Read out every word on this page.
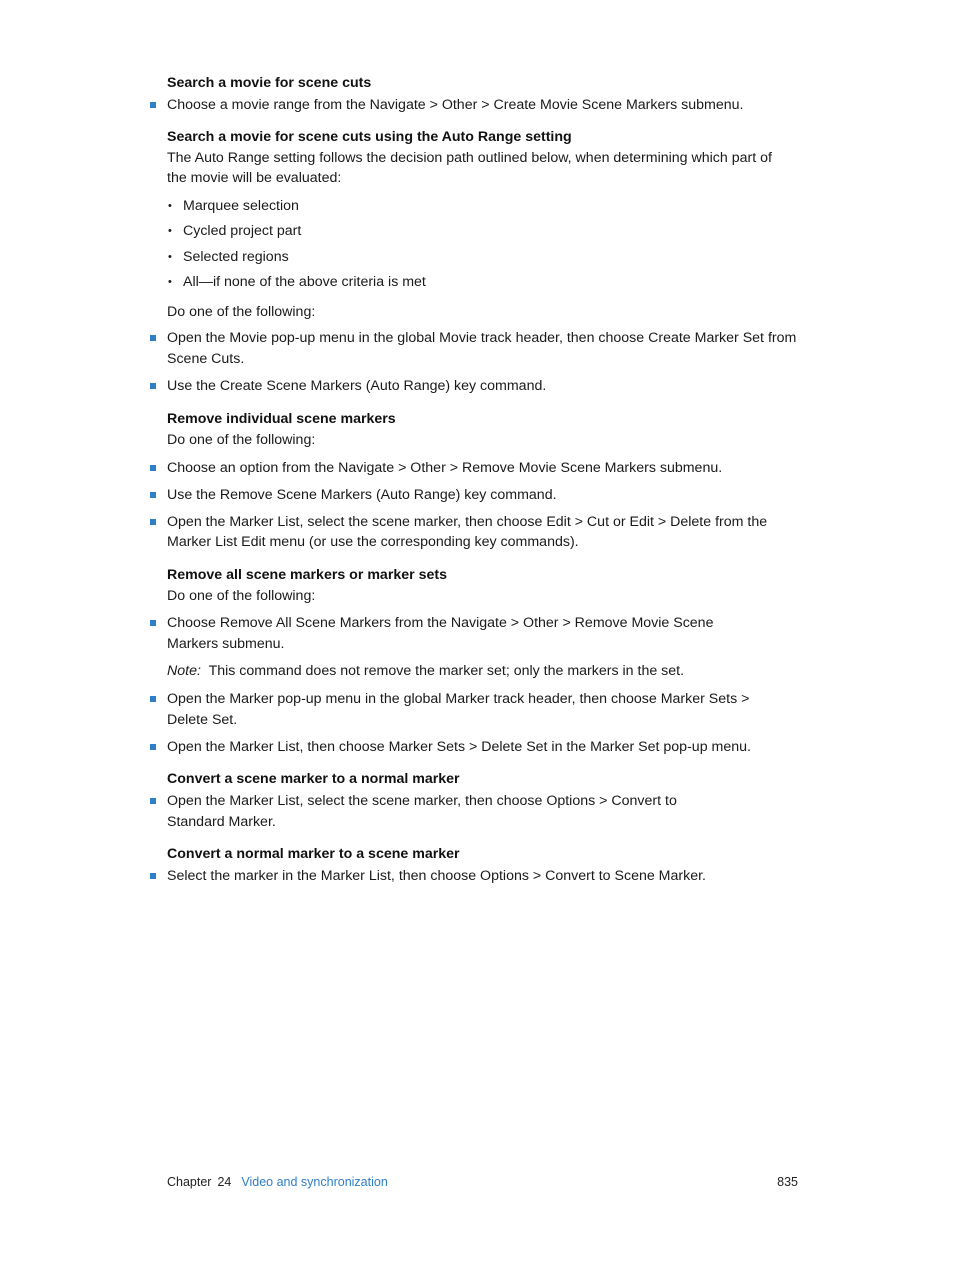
Search a movie for scene cuts
Choose a movie range from the Navigate > Other > Create Movie Scene Markers submenu.
Search a movie for scene cuts using the Auto Range setting

The Auto Range setting follows the decision path outlined below, when determining which part of the movie will be evaluated:

• Marquee selection
• Cycled project part
• Selected regions
• All—if none of the above criteria is met

Do one of the following:

Open the Movie pop-up menu in the global Movie track header, then choose Create Marker Set from Scene Cuts.
Use the Create Scene Markers (Auto Range) key command.
Remove individual scene markers

Do one of the following:

Choose an option from the Navigate > Other > Remove Movie Scene Markers submenu.
Use the Remove Scene Markers (Auto Range) key command.
Open the Marker List, select the scene marker, then choose Edit > Cut or Edit > Delete from the Marker List Edit menu (or use the corresponding key commands).
Remove all scene markers or marker sets

Do one of the following:

Choose Remove All Scene Markers from the Navigate > Other > Remove Movie Scene Markers submenu.

Note: This command does not remove the marker set; only the markers in the set.

Open the Marker pop-up menu in the global Marker track header, then choose Marker Sets > Delete Set.
Open the Marker List, then choose Marker Sets > Delete Set in the Marker Set pop-up menu.
Convert a scene marker to a normal marker
Open the Marker List, select the scene marker, then choose Options > Convert to Standard Marker.
Convert a normal marker to a scene marker
Select the marker in the Marker List, then choose Options > Convert to Scene Marker.
Chapter 24 Video and synchronization	835
